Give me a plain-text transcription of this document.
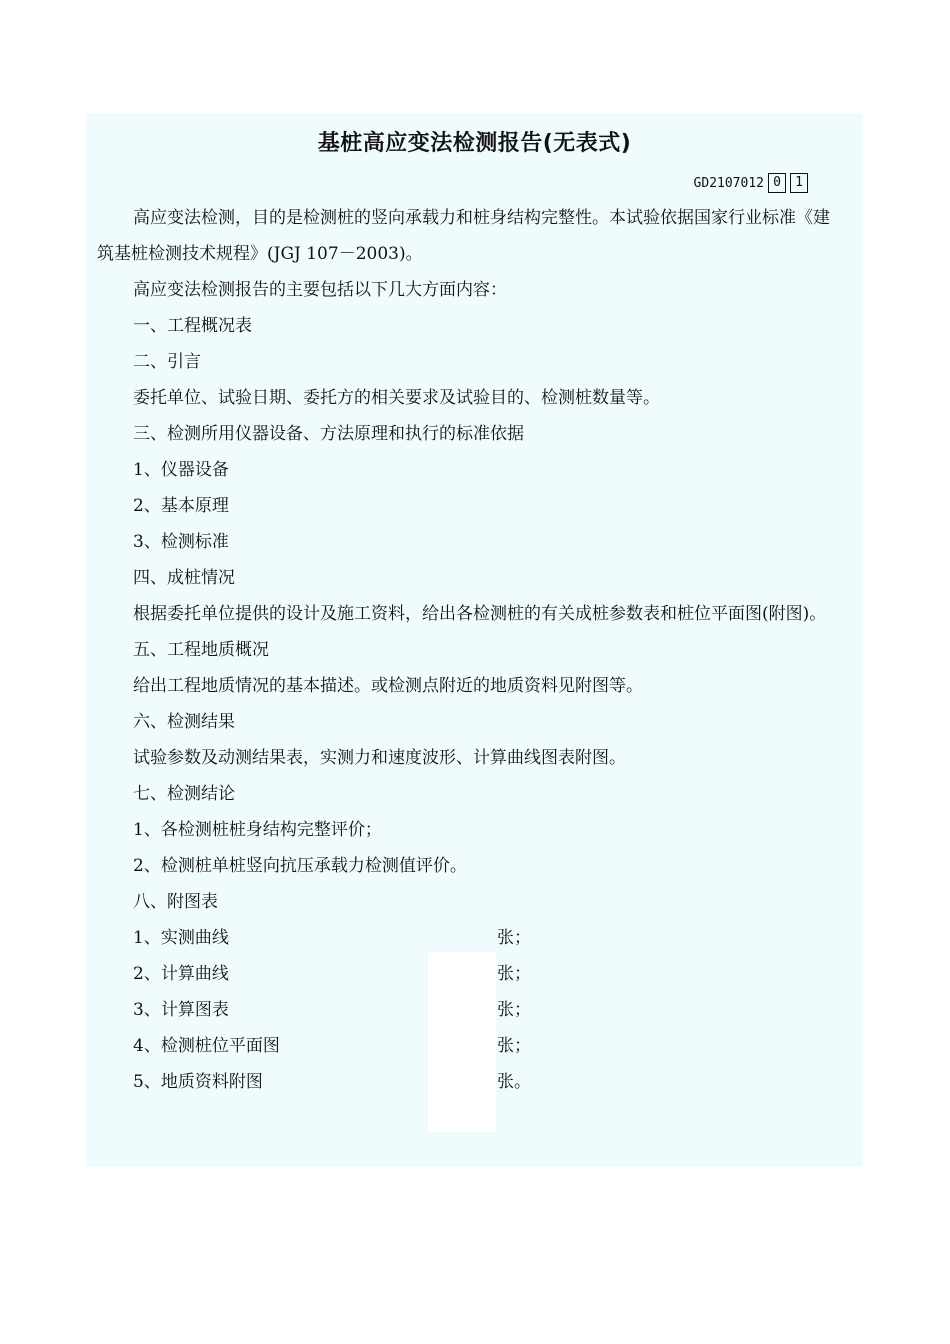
基桩高应变法检测报告(无表式)
GD2107012 0	1

高应变法检测，目的是检测桩的竖向承载力和桩身结构完整性。本试验依据国家行业标准《建筑基桩检测技术规程》(JGJ 107－2003)。

高应变法检测报告的主要包括以下几大方面内容：

一、工程概况表

二、引言

委托单位、试验日期、委托方的相关要求及试验目的、检测桩数量等。

三、检测所用仪器设备、方法原理和执行的标准依据

1、仪器设备

2、基本原理

3、检测标准

四、成桩情况

根据委托单位提供的设计及施工资料，给出各检测桩的有关成桩参数表和桩位平面图(附图)。

五、工程地质概况

给出工程地质情况的基本描述。或检测点附近的地质资料见附图等。

六、检测结果

试验参数及动测结果表，实测力和速度波形、计算曲线图表附图。

七、检测结论

1、各检测桩桩身结构完整评价；

2、检测桩单桩竖向抗压承载力检测值评价。

八、附图表

1、实测曲线	张；
2、计算曲线	张；
3、计算图表	张；
4、检测桩位平面图	张；
5、地质资料附图	张。
